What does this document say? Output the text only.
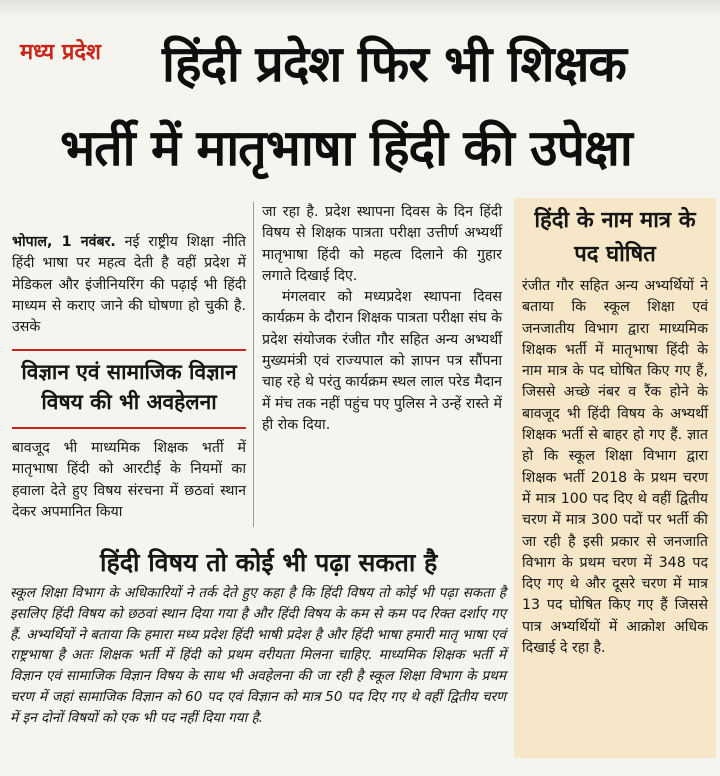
मध्य प्रदेश हिंदी प्रदेश फिर भी शिक्षक
भर्ती में मातृभाषा हिंदी की उपेक्षा

भोपाल, 1 नवंबर. नई राष्ट्रीय शिक्षा नीति हिंदी भाषा पर महत्व देती है वहीं प्रदेश में मेडिकल और इंजीनियरिंग की पढ़ाई भी हिंदी माध्यम से कराए जाने की घोषणा हो चुकी है. उसके

विज्ञान एवं सामाजिक विज्ञान विषय की भी अवहेलना

बावजूद भी माध्यमिक शिक्षक भर्ती में मातृभाषा हिंदी को आरटीई के नियमों का हवाला देते हुए विषय संरचना में छठवां स्थान देकर अपमानित किया

जा रहा है. प्रदेश स्थापना दिवस के दिन हिंदी विषय से शिक्षक पात्रता परीक्षा उत्तीर्ण अभ्यर्थी मातृभाषा हिंदी को महत्व दिलाने की गुहार लगाते दिखाई दिए.

मंगलवार को मध्यप्रदेश स्थापना दिवस कार्यक्रम के दौरान शिक्षक पात्रता परीक्षा संघ के प्रदेश संयोजक रंजीत गौर सहित अन्य अभ्यर्थी मुख्यमंत्री एवं राज्यपाल को ज्ञापन पत्र सौंपना चाह रहे थे परंतु कार्यक्रम स्थल लाल परेड मैदान में मंच तक नहीं पहुंच पए पुलिस ने उन्हें रास्ते में ही रोक दिया.

हिंदी विषय तो कोई भी पढ़ा सकता है
स्कूल शिक्षा विभाग के अधिकारियों ने तर्क देते हुए कहा है कि हिंदी विषय तो कोई भी पढ़ा सकता है इसलिए हिंदी विषय को छठवां स्थान दिया गया है और हिंदी विषय के कम से कम पद रिक्त दर्शाए गए हैं. अभ्यर्थियों ने बताया कि हमारा मध्य प्रदेश हिंदी भाषी प्रदेश है और हिंदी भाषा हमारी मातृ भाषा एवं राष्ट्रभाषा है अतः शिक्षक भर्ती में हिंदी को प्रथम वरीयता मिलना चाहिए. माध्यमिक शिक्षक भर्ती में विज्ञान एवं सामाजिक विज्ञान विषय के साथ भी अवहेलना की जा रही है स्कूल शिक्षा विभाग के प्रथम चरण में जहां सामाजिक विज्ञान को 60 पद एवं विज्ञान को मात्र 50 पद दिए गए थे वहीं द्वितीय चरण में इन दोनों विषयों को एक भी पद नहीं दिया गया है.
हिंदी के नाम मात्र के पद घोषित
रंजीत गौर सहित अन्य अभ्यर्थियों ने बताया कि स्कूल शिक्षा एवं जनजातीय विभाग द्वारा माध्यमिक शिक्षक भर्ती में मातृभाषा हिंदी के नाम मात्र के पद घोषित किए गए हैं, जिससे अच्छे नंबर व रैंक होने के बावजूद भी हिंदी विषय के अभ्यर्थी शिक्षक भर्ती से बाहर हो गए हैं. ज्ञात हो कि स्कूल शिक्षा विभाग द्वारा शिक्षक भर्ती 2018 के प्रथम चरण में मात्र 100 पद दिए थे वहीं द्वितीय चरण में मात्र 300 पदों पर भर्ती की जा रही है इसी प्रकार से जनजाति विभाग के प्रथम चरण में 348 पद दिए गए थे और दूसरे चरण में मात्र 13 पद घोषित किए गए हैं जिससे पात्र अभ्यर्थियों में आक्रोश अधिक दिखाई दे रहा है.
